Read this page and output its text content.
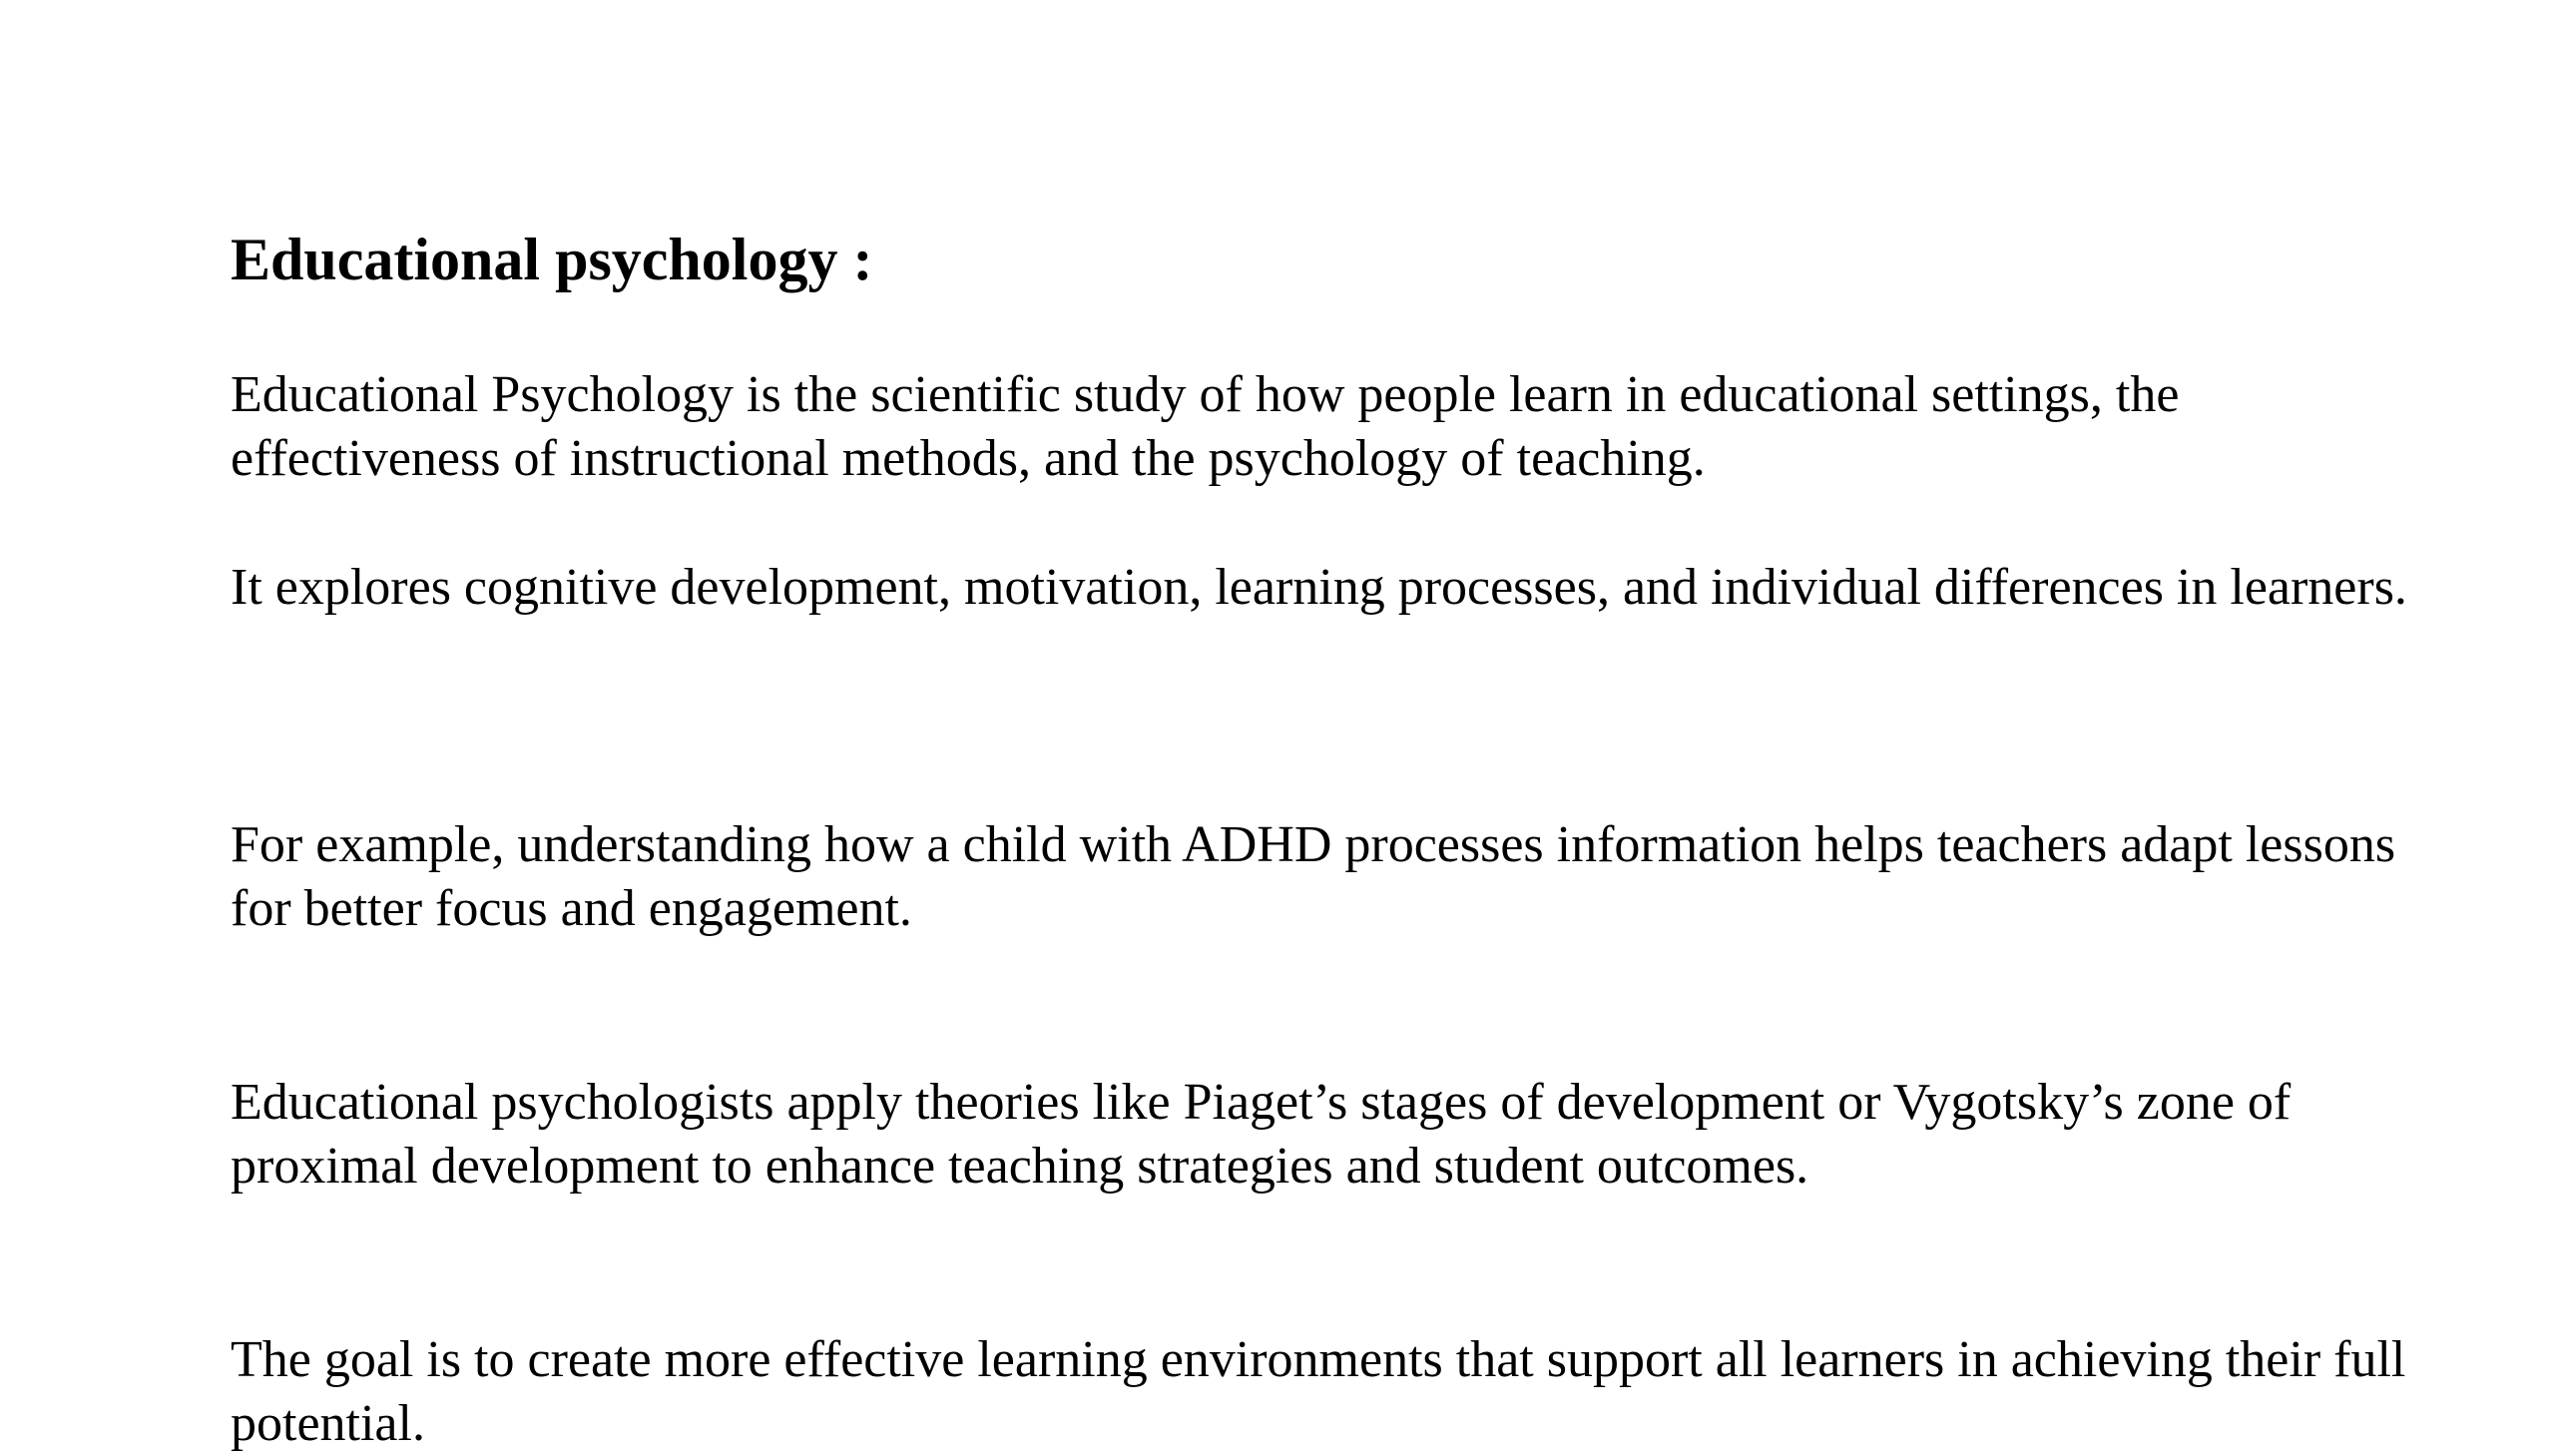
Educational psychology :

Educational Psychology is the scientific study of how people learn in educational settings, the effectiveness of instructional methods, and the psychology of teaching.

It explores cognitive development, motivation, learning processes, and individual differences in learners.

For example, understanding how a child with ADHD processes information helps teachers adapt lessons for better focus and engagement.

Educational psychologists apply theories like Piaget’s stages of development or Vygotsky’s zone of proximal development to enhance teaching strategies and student outcomes.

The goal is to create more effective learning environments that support all learners in achieving their full potential.
